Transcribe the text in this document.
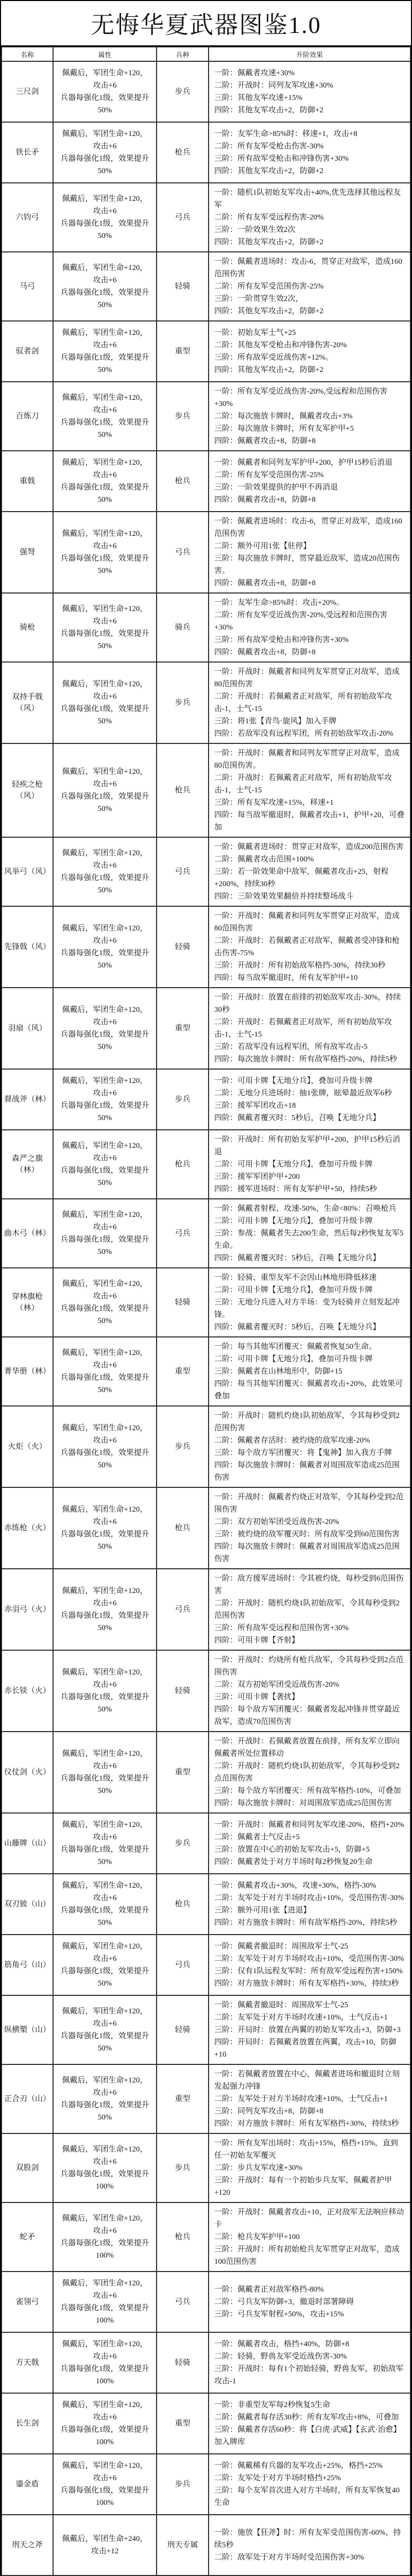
无悔华夏武器图鉴1.0
名称	属性	兵种	升阶效果
三尺剑	
佩戴后，军团生命+120，攻击+6
兵器每强化1级，效果提升50%
	步兵	
一阶：佩戴者攻速+30%
二阶：开战时：同列友军攻速+30%
三阶：其他友军攻速+15%
四阶：其他友军攻击+2，防御+2

铁长矛	
佩戴后，军团生命+120，攻击+6
兵器每强化1级，效果提升50%
	枪兵	
一阶：友军生命>85%时：移速+1，攻击+8
二阶：所有友军受枪击伤害-30%
三阶：所有敌军受枪击和冲锋伤害+30%
四阶：其他友军攻击+2，防御+2

六钧弓	
佩戴后，军团生命+120，攻击+6
兵器每强化1级，效果提升50%
	弓兵	
一阶：随机1队初始友军攻击+40%,优先选择其他远程友军
二阶：所有友军受远程伤害-20%
三阶：一阶效果生效2次
四阶：其他友军攻击+2，防御+2

马弓	
佩戴后，军团生命+120，攻击+6
兵器每强化1级，效果提升50%
	轻骑	
一阶：佩戴者进场时：攻击-6，贯穿正对敌军，造成160范围伤害
二阶：所有友军受范围伤害-25%
三阶：一阶贯穿生效2次，
四阶：其他友军攻击+2，防御+2

驭者剑	
佩戴后，军团生命+120，攻击+6
兵器每强化1级，效果提升50%
	重型	
一阶：初始友军士气+25
二阶：其他友军受枪击和冲锋伤害-20%
三阶：所有敌军受近战伤害+12%。
四阶：其他友军攻击+2，防御+2

百炼刀	
佩戴后，军团生命+120，攻击+6
兵器每强化1级，效果提升50%
	步兵	
一阶：所有友军受近战伤害-20%,受远程和范围伤害+30%
二阶：每次施放卡牌时，佩戴者攻击+3%
三阶：每次施放卡牌时，所有友军护甲+5
四阶：佩戴者攻击+8，防御+8

重戟	
佩戴后，军团生命+120，攻击+6
兵器每强化1级，效果提升50%
	枪兵	
一阶：佩戴者和同列友军护甲+200，护甲15秒后消退
二阶：所有友军受范围伤害-25%
三阶：一阶效果提供的护甲不再消退
四阶：佩戴者攻击+8，防御+8

强弩	
佩戴后，军团生命+120，攻击+6
兵器每强化1级，效果提升50%
	弓兵	
一阶：佩戴者进场时：攻击-6，贯穿正对敌军，造成160范围伤害
二阶：额外可用1张【驻停】
三阶：每次施放卡牌时，贯穿最近敌军，造成20范围伤害。
四阶：佩戴者攻击+8，防御+8

骑枪	
佩戴后，军团生命+120，攻击+6
兵器每强化1级，效果提升50%
	骑兵	
一阶：友军生命>85%时：攻击+20%。
二阶：所有友军受近战伤害-20%,受远程和范围伤害+30%
三阶：所有敌军受枪击和冲锋伤害+30%
四阶：佩戴者攻击+8，防御+8

双持手戟（风）	
佩戴后，军团生命+120，攻击+6
兵器每强化1级，效果提升50%
	步兵	
一阶：开战时：佩戴者和同列友军贯穿正对敌军，造成80范围伤害
二阶：开战时：若佩戴者正对敌军，所有初始敌军攻击-1，士气-15
三阶：将1张【青鸟·旋风】加入手牌
四阶：若敌军没有远程军团，所有初始敌军攻击-20%

轻疾之枪（风）	
佩戴后，军团生命+120，攻击+6
兵器每强化1级，效果提升50%
	枪兵	
一阶：开战时：佩戴者和同列友军贯穿正对敌军，造成80范围伤害。
二阶：开战时：若佩戴者正对敌军，所有初始敌军攻击-1，士气-15
三阶：所有友军攻速+15%，移速+1
四阶：每当敌军撤退时，佩戴者攻击+1，护甲+20，可叠加

风举弓（风）	
佩戴后，军团生命+120，攻击+6
兵器每强化1级，效果提升50%
	弓兵	
一阶：佩戴者进场时：贯穿正对敌军，造成200范围伤害
二阶：佩戴者攻击范围+100%
三阶：若一阶效果命中敌军，佩戴者攻击+25，射程+200%，持续30秒
四阶：三阶效果效果翻倍并持续整场战斗

先锋戟（风）	
佩戴后，军团生命+120，攻击+6
兵器每强化1级，效果提升50%
	轻骑	
一阶：开战时：佩戴者和同列友军贯穿正对敌军，造成80范围伤害
二阶：开战时：若佩戴者正对敌军，佩戴者受冲锋和枪击伤害-75%
三阶：开战时：所有初始敌军格挡-30%，持续30秒
四阶：每当敌军撤退时，所有友军护甲+10

羽扇（风）	
佩戴后，军团生命+120，攻击+6
兵器每强化1级，效果提升50%
	重型	
一阶：开战时：放置在前排的初始敌军攻击-30%，持续30秒
二阶：开战时：若佩戴者正对敌军，所有初始敌军攻击-1，士气-15
三阶：若敌军没有远程军团，所有敌军攻击-5
四阶：每次施放卡牌时：所有敌军格挡-20%，持续5秒

督战斧（林）	
佩戴后，军团生命+120，攻击+6
兵器每强化1级，效果提升50%
	步兵	
一阶：可用卡牌【无地分兵】，叠加可升级卡牌
二阶：无地分兵进场时：抽1张牌，眩晕最近敌军6秒
三阶：援军军团攻击+18
四阶：佩戴者覆灭时：5秒后，召唤【无地分兵】

森严之旗（林）	
佩戴后，军团生命+120，攻击+6
兵器每强化1级，效果提升50%
	枪兵	
一阶：开战时：所有初始友军护甲+200，护甲15秒后消退
二阶：可用卡牌【无地分兵】，叠加可升级卡牌
三阶：援军军团护甲+200
四阶：援军进场时：所有友军护甲+50，持续5秒

曲木弓（林）	
佩戴后，军团生命+120，攻击+6
兵器每强化1级，效果提升50%
	弓兵	
一阶：佩戴者射程、攻速-50%，生命<80%：召唤枪兵
二阶：可用卡牌【无地分兵】，叠加可升级卡牌
三阶：参战：佩戴者失去200生命，然后每2秒恢复友军5生命。
四阶：佩戴者覆灭时：5秒后，召唤【无地分兵】

穿林旗枪（林）	
佩戴后，军团生命+120，攻击+6
兵器每强化1级，效果提升50%
	轻骑	
一阶：轻骑、重型友军不会因山林地形降低移速
二阶：可用卡牌【无地分兵】，叠加可升级卡牌
三阶：无地分兵进入对方半场：变为轻骑并立刻发起冲锋。
四阶：佩戴者覆灭时：5秒后，召唤【无地分兵】

菁华册（林）	
佩戴后，军团生命+120，攻击+6
兵器每强化1级，效果提升50%
	重型	
一阶：每当其他军团覆灭：佩戴者恢复50生命。
二阶：可用卡牌【无地分兵】，叠加可升级卡牌
三阶：佩戴者在山林地形中，防御+15
四阶：每当其他军团覆灭：佩戴者攻击+20%，此效果可叠加

火炬（火）	
佩戴后，军团生命+120，攻击+6
兵器每强化1级，效果提升50%
	步兵	
一阶：开战时：随机灼烧1队初始敌军，令其每秒受到2范围伤害
二阶：佩戴者存活时：被灼烧的敌军攻速-20%
三阶：每个敌方军团覆灭：将【鬼神】加入我方手牌
四阶：每次施放卡牌时：佩戴者对周围敌军造成25范围伤害

赤练枪（火）	
佩戴后，军团生命+120，攻击+6
兵器每强化1级，效果提升50%
	枪兵	
一阶：开战时：佩戴者灼烧正对敌军，令其每秒受到2范围伤害
二阶：双方初始军团受近战伤害-20%
三阶：被灼烧的敌军覆灭时：所有敌军受到60范围伤害
四阶：每次施放卡牌时：佩戴者对周围敌军造成25范围伤害

赤羽弓（火）	
佩戴后，军团生命+120，攻击+6
兵器每强化1级，效果提升50%
	弓兵	
一阶：敌方援军进场时：令其被灼烧，每秒受到6范围伤害
二阶：开战时：随机灼烧1队初始敌军，令其每秒受到2范围伤害
三阶：所有敌军受远程和范围伤害+30%
四阶：可用卡牌【齐射】

赤长锬（火）	
佩戴后，军团生命+120，攻击+6
兵器每强化1级，效果提升50%
	轻骑	
一阶：开战时：灼烧所有枪兵敌军，令其每秒受到2点范围伤害
二阶：双方初始军团受近战伤害-20%
三阶：可用卡牌【袭扰】
四阶：每个敌方军团覆灭：佩戴者发起冲锋并贯穿最近敌军，造成70范围伤害

仪仗剑（火）	
佩戴后，军团生命+120，攻击+6
兵器每强化1级，效果提升50%
	重型	
一阶：开战时：若佩戴者放置在前排，所有友军立即向佩戴者所处位置移动
二阶：开战时：随机灼烧1队初始敌军，令其每秒受到2点范围伤害
三阶：每个敌方军团覆灭：所有敌军格挡-10%，可叠加
四阶：每次施放卡牌时：对周围敌军造成25范围伤害

山藤牌（山）	
佩戴后，军团生命+120，攻击+6
兵器每强化1级，效果提升50%
	步兵	
一阶：开战时：佩戴者和同列友军攻速-20%，格挡+20%
二阶：佩戴者士气反击+5
三阶：放置在中心的初始友军攻击+5，防御+5
四阶：佩戴者处于对方半场时每2秒恢复20生命

双刃铍（山）	
佩戴后，军团生命+120，攻击+6
兵器每强化1级，效果提升50%
	枪兵	
一阶：佩戴者攻击+30%，攻速+30%，格挡-30%
二阶：友军处于对方半场时攻击+10%，受范围伤害-30%
三阶：额外可用1张【进退】
四阶：对方施放卡牌时：所有敌军格挡-20%，持续5秒

筋角弓（山）	
佩戴后，军团生命+120，攻击+6
兵器每强化1级，效果提升50%
	弓兵	
一阶：佩戴者撤退时：周围敌军士气-25
二阶：友军处于对方半场时攻击+10%，受范围伤害-30%
三阶：仅有1队远程友军时：所有敌军受远程伤害+150%
四阶：对方施放卡牌时：所有友军格挡+30%，持续3秒

纵横槊（山）	
佩戴后，军团生命+120，攻击+6
兵器每强化1级，效果提升50%
	轻骑	
一阶：佩戴者撤退时：周围敌军士气-25
二阶：友军处于对方半场时攻速+10%，士气反击+1
三阶：开局时：放置在两翼的初始友军攻击+3，防御+3
四阶：开局时：若佩戴者放置在两翼，攻击+10，防御+10

正合刃（山）	
佩戴后，军团生命+120，攻击+6
兵器每强化1级，效果提升50%
	重型	
一阶：若佩戴者放置在中心，佩戴者进场和撤退时立刻发起强力冲锋
二阶：友军处于对方半场时攻速+10%，士气反击+1
三阶：同列友军攻击+8，防御+8
四阶：对方施放卡牌时：所有友军格挡+30%，持续3秒

双股剑	
佩戴后，军团生命+120，攻击+6
兵器每强化1级，效果提升100%
	步兵	
一阶：所有友军出场时：攻击+15%，格挡+15%，直到任一初始友军覆灭
二阶：步兵友军攻速+30%
三阶：开战时：每有一个初始步兵友军，佩戴者护甲+120

蛇矛	
佩戴后，军团生命+120，攻击+6
兵器每强化1级，效果提升100%
	枪兵	
一阶：开战时：佩戴者攻击+10，正对敌军无法响应移动卡
二阶：枪兵友军护甲+100
三阶：开战时：所有初始枪兵友军贯穿正对敌军，造成100范围伤害

雀翎弓	
佩戴后，军团生命+120，攻击+6
兵器每强化1级，效果提升100%
	弓兵	
一阶：佩戴者正对敌军格挡-80%
二阶：弓兵友军防御+3，撤退时部署障碍
三阶：弓兵友军射程+50%，攻击+15%

方天戟	
佩戴后，军团生命+120，攻击+6
兵器每强化1级，效果提升100%
	轻骑	
一阶：佩戴者攻击，格挡+40%，防御+8
二阶：轻骑，野兽友军受近战伤害-30%
三阶：开战时：每有1个初始轻骑，野兽友军，初始敌军攻击-1

长生剑	
佩戴后，军团生命+120，攻击+6
兵器每强化1级，效果提升100%
	重型	
一阶：非重型友军每2秒恢复5生命
二阶：佩戴者每存活30秒：所有友军攻击+8%，可叠加
三阶：佩戴者存活60秒：将【白虎·武威】【玄武·治愈】加入牌库

鎏金盾	
佩戴后，军团生命+120，攻击+6
兵器每强化1级，效果提升100%
	步兵	
一阶：佩戴稀有兵器的友军攻击+25%，格挡+25%
二阶：友军处于对方半场时格挡+25%
三阶：每个友军首次进入对方半场时，所有友军恢复40生命

刑天之斧	佩戴后，军团生命+240，攻击+12	刑天专属	一阶：施放【狂斧】时：所有友军受范围伤害-60%，持续5秒
二阶：敌军处于对方半场时受范围伤害+30%
